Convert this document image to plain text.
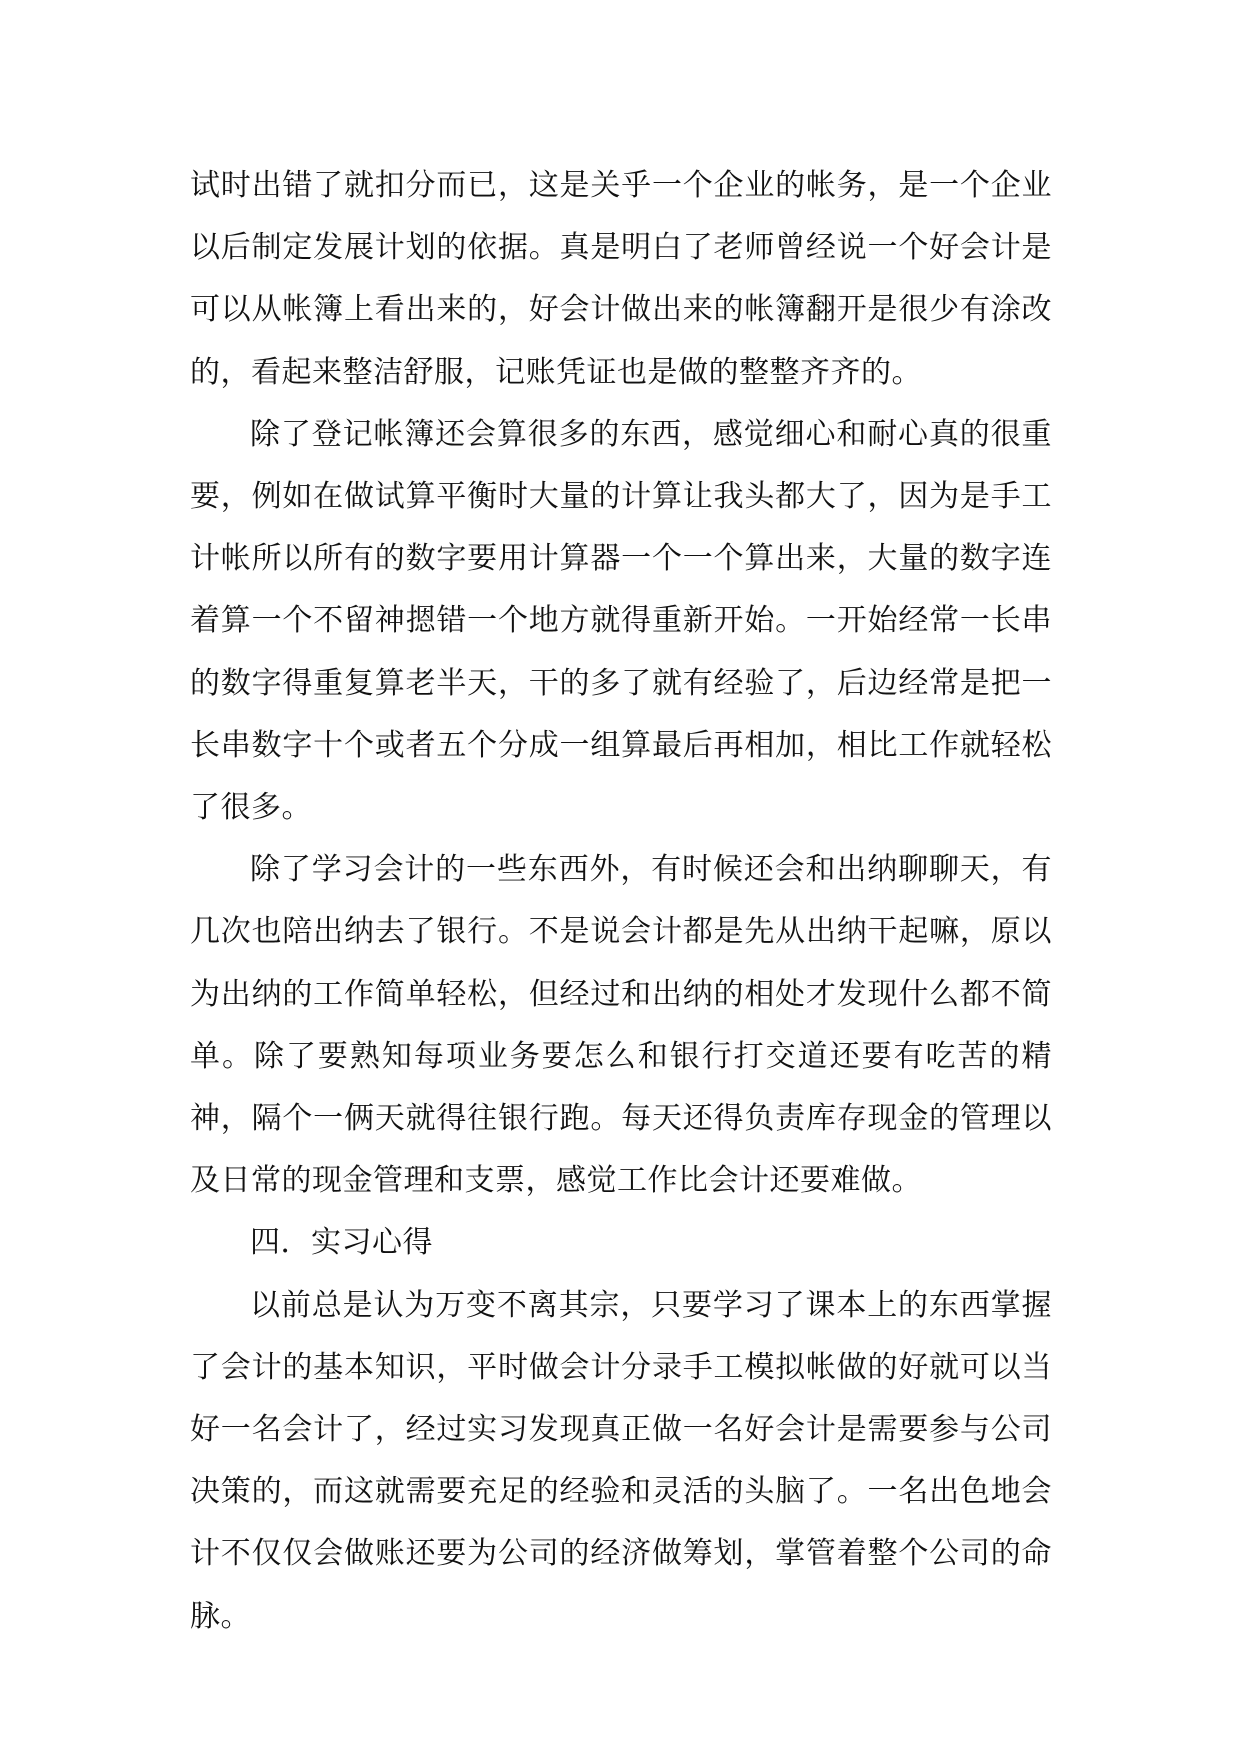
试时出错了就扣分而已，这是关乎一个企业的帐务，是一个企业以后制定发展计划的依据。真是明白了老师曾经说一个好会计是可以从帐簿上看出来的，好会计做出来的帐簿翻开是很少有涂改的，看起来整洁舒服，记账凭证也是做的整整齐齐的。

除了登记帐簿还会算很多的东西，感觉细心和耐心真的很重要，例如在做试算平衡时大量的计算让我头都大了，因为是手工计帐所以所有的数字要用计算器一个一个算出来，大量的数字连着算一个不留神摁错一个地方就得重新开始。一开始经常一长串的数字得重复算老半天，干的多了就有经验了，后边经常是把一长串数字十个或者五个分成一组算最后再相加，相比工作就轻松了很多。

除了学习会计的一些东西外，有时候还会和出纳聊聊天，有几次也陪出纳去了银行。不是说会计都是先从出纳干起嘛，原以为出纳的工作简单轻松，但经过和出纳的相处才发现什么都不简单。除了要熟知每项业务要怎么和银行打交道还要有吃苦的精神，隔个一俩天就得往银行跑。每天还得负责库存现金的管理以及日常的现金管理和支票，感觉工作比会计还要难做。

四．实习心得

以前总是认为万变不离其宗，只要学习了课本上的东西掌握了会计的基本知识，平时做会计分录手工模拟帐做的好就可以当好一名会计了，经过实习发现真正做一名好会计是需要参与公司决策的，而这就需要充足的经验和灵活的头脑了。一名出色地会计不仅仅会做账还要为公司的经济做筹划，掌管着整个公司的命脉。
